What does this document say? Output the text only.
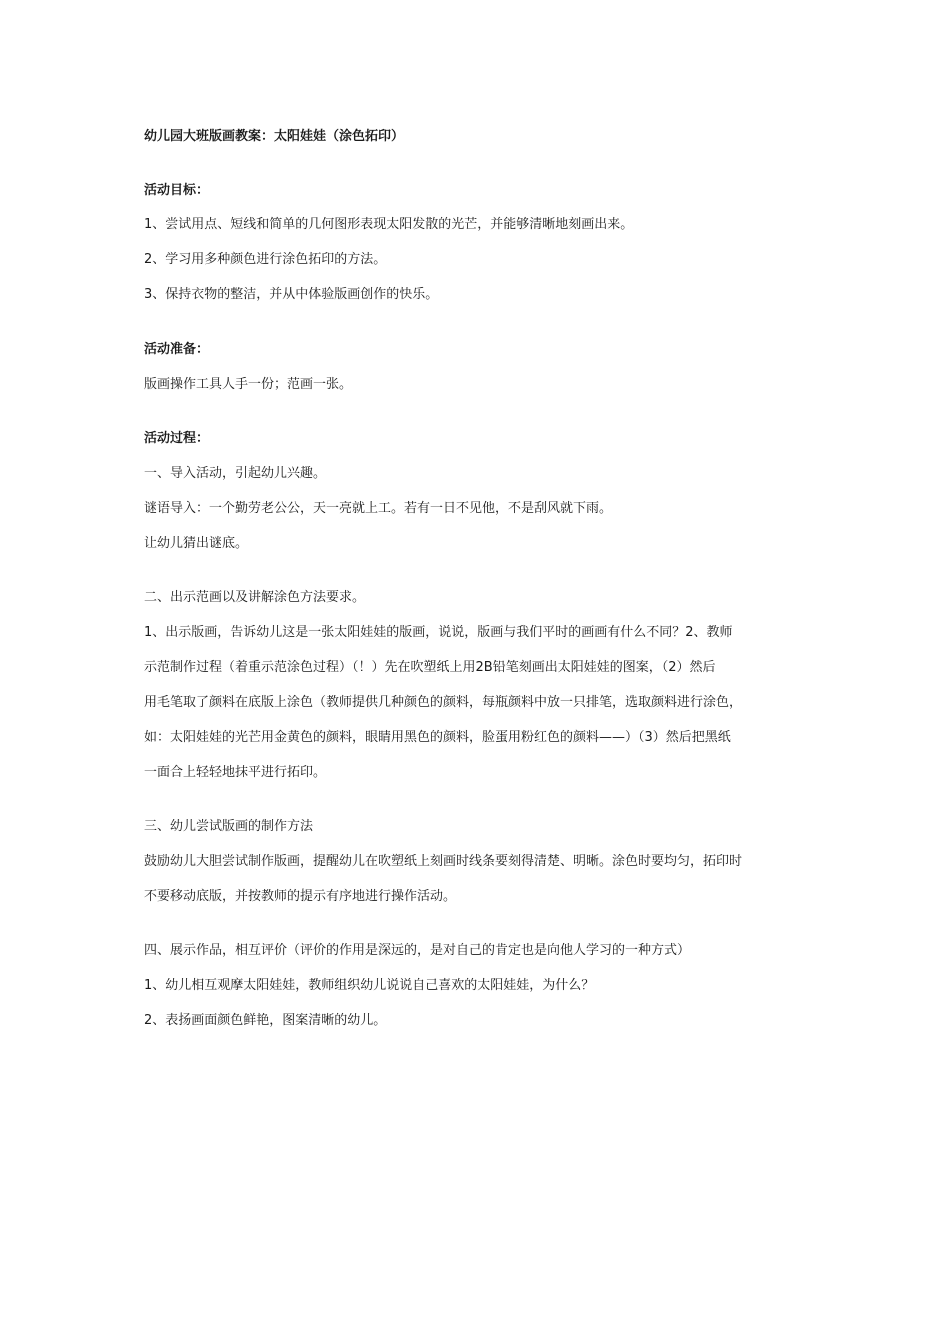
幼儿园大班版画教案：太阳娃娃（涂色拓印）
活动目标：
1、尝试用点、短线和简单的几何图形表现太阳发散的光芒，并能够清晰地刻画出来。
2、学习用多种颜色进行涂色拓印的方法。
3、保持衣物的整洁，并从中体验版画创作的快乐。
活动准备：
版画操作工具人手一份；范画一张。
活动过程：
一、导入活动，引起幼儿兴趣。
谜语导入：一个勤劳老公公，天一亮就上工。若有一日不见他，不是刮风就下雨。
让幼儿猜出谜底。
二、出示范画以及讲解涂色方法要求。
1、出示版画，告诉幼儿这是一张太阳娃娃的版画，说说，版画与我们平时的画画有什么不同？2、教师
示范制作过程（着重示范涂色过程）（！）先在吹塑纸上用2B铅笔刻画出太阳娃娃的图案，（2）然后
用毛笔取了颜料在底版上涂色（教师提供几种颜色的颜料，每瓶颜料中放一只排笔，选取颜料进行涂色，
如：太阳娃娃的光芒用金黄色的颜料，眼睛用黑色的颜料，脸蛋用粉红色的颜料——）（3）然后把黑纸
一面合上轻轻地抹平进行拓印。
三、幼儿尝试版画的制作方法
鼓励幼儿大胆尝试制作版画，提醒幼儿在吹塑纸上刻画时线条要刻得清楚、明晰。涂色时要均匀，拓印时
不要移动底版，并按教师的提示有序地进行操作活动。
四、展示作品，相互评价（评价的作用是深远的，是对自己的肯定也是向他人学习的一种方式）
1、幼儿相互观摩太阳娃娃，教师组织幼儿说说自己喜欢的太阳娃娃，为什么？
2、表扬画面颜色鲜艳，图案清晰的幼儿。
